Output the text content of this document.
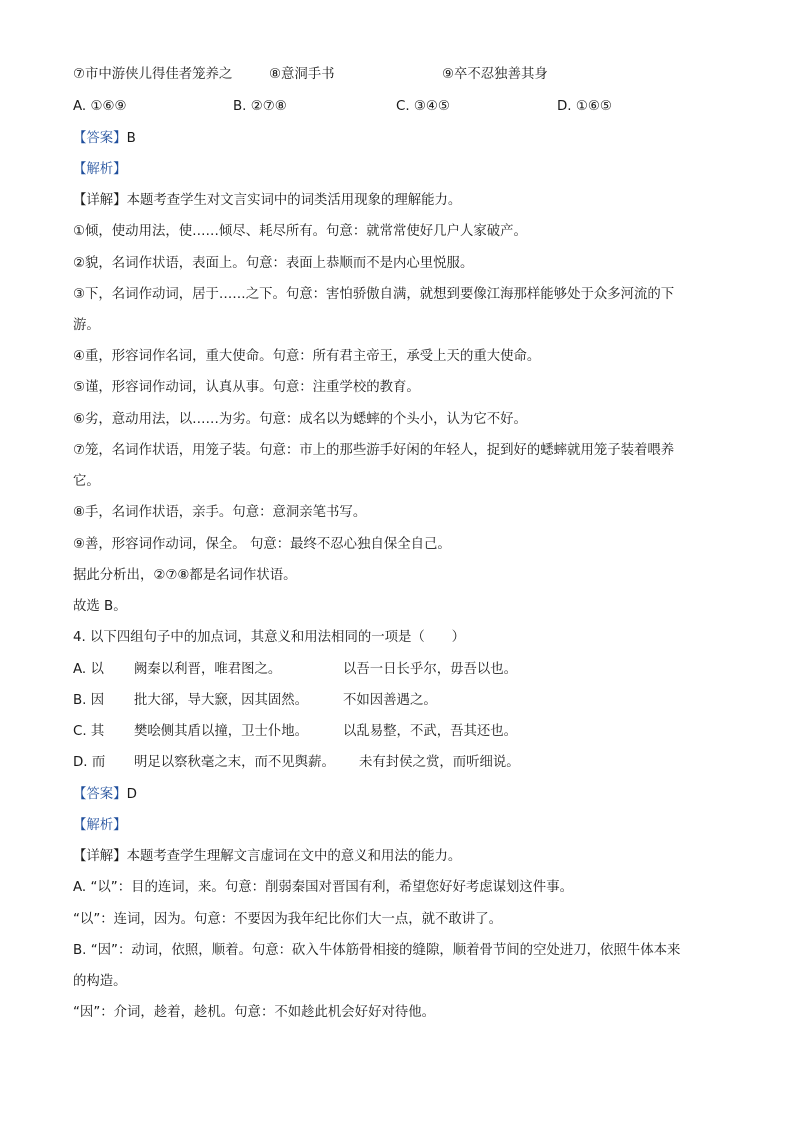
⑦市中游侠儿得佳者笼养之	⑧意洞手书	⑨卒不忍独善其身
A. ①⑥⑨	B. ②⑦⑧	C. ③④⑤	D. ①⑥⑤
【答案】B
【解析】
【详解】本题考查学生对文言实词中的词类活用现象的理解能力。
①倾，使动用法，使……倾尽、耗尽所有。句意：就常常使好几户人家破产。
②貌，名词作状语，表面上。句意：表面上恭顺而不是内心里悦服。
③下，名词作动词，居于……之下。句意：害怕骄傲自满，就想到要像江海那样能够处于众多河流的下
游。
④重，形容词作名词，重大使命。句意：所有君主帝王，承受上天的重大使命。
⑤谨，形容词作动词，认真从事。句意：注重学校的教育。
⑥劣，意动用法，以……为劣。句意：成名以为蟋蟀的个头小，认为它不好。
⑦笼，名词作状语，用笼子装。句意：市上的那些游手好闲的年轻人，捉到好的蟋蟀就用笼子装着喂养
它。
⑧手，名词作状语，亲手。句意：意洞亲笔书写。
⑨善，形容词作动词，保全。 句意：最终不忍心独自保全自己。
据此分析出，②⑦⑧都是名词作状语。
故选 B。
4. 以下四组句子中的加点词，其意义和用法相同的一项是（　　）
A. 以 阙秦以利晋，唯君图之。	以吾一日长乎尔，毋吾以也。
B. 因 批大郤，导大窾，因其固然。	不如因善遇之。
C. 其 樊哙侧其盾以撞，卫士仆地。	以乱易整，不武，吾其还也。
D. 而 明足以察秋毫之末，而不见舆薪。 未有封侯之赏，而听细说。
【答案】D
【解析】
【详解】本题考查学生理解文言虚词在文中的意义和用法的能力。
A. “以”：目的连词，来。句意：削弱秦国对晋国有利，希望您好好考虑谋划这件事。
“以”：连词，因为。句意：不要因为我年纪比你们大一点，就不敢讲了。
B. “因”：动词，依照，顺着。句意：砍入牛体筋骨相接的缝隙，顺着骨节间的空处进刀，依照牛体本来
的构造。
“因”：介词，趁着，趁机。句意：不如趁此机会好好对待他。
